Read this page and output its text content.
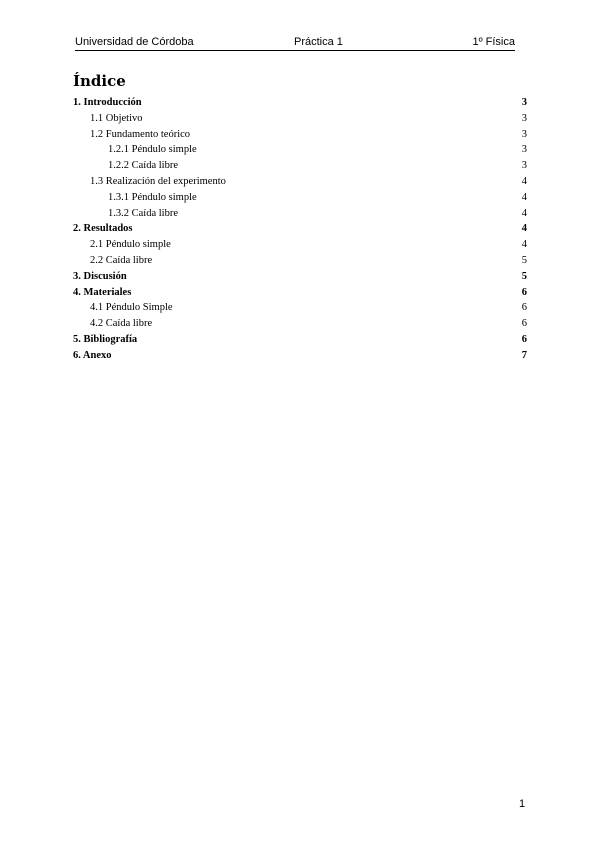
Universidad de Córdoba	Práctica 1	1º Física
Índice
1. Introducción	3
1.1 Objetivo	3
1.2 Fundamento teórico	3
1.2.1 Péndulo simple	3
1.2.2 Caída libre	3
1.3 Realización del experimento	4
1.3.1 Péndulo simple	4
1.3.2 Caída libre	4
2. Resultados	4
2.1 Péndulo simple	4
2.2 Caída libre	5
3. Discusión	5
4. Materiales	6
4.1 Péndulo Simple	6
4.2 Caída libre	6
5. Bibliografía	6
6. Anexo	7
1
